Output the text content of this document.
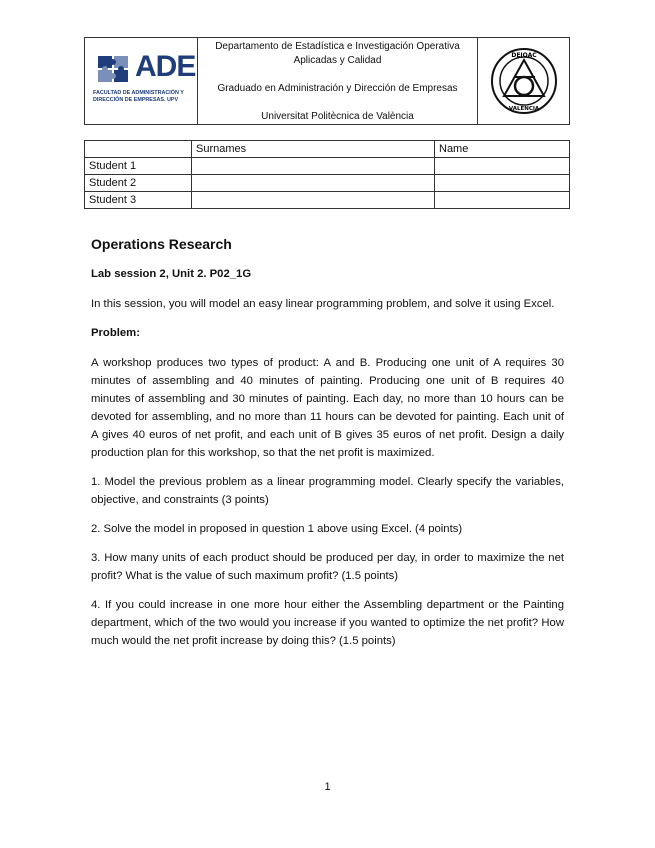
ADE
FACULTAD DE ADMINISTRACIÓN Y
DIRECCIÓN DE EMPRESAS. UPV
Departamento de Estadística e Investigación Operativa
Aplicadas y Calidad
Graduado en Administración y Dirección de Empresas
Universitat Politècnica de València
DEIOAC
VALENCIA
	Surnames	Name
Student 1		
Student 2		
Student 3		
Operations Research
Lab session 2, Unit 2. P02_1G

In this session, you will model an easy linear programming problem, and solve it using Excel.

Problem:

A workshop produces two types of product: A and B. Producing one unit of A requires 30 minutes of assembling and 40 minutes of painting. Producing one unit of B requires 40 minutes of assembling and 30 minutes of painting. Each day, no more than 10 hours can be devoted for assembling, and no more than 11 hours can be devoted for painting. Each unit of A gives 40 euros of net profit, and each unit of B gives 35 euros of net profit. Design a daily production plan for this workshop, so that the net profit is maximized.

1. Model the previous problem as a linear programming model. Clearly specify the variables, objective, and constraints (3 points)

2. Solve the model in proposed in question 1 above using Excel. (4 points)

3. How many units of each product should be produced per day, in order to maximize the net profit? What is the value of such maximum profit? (1.5 points)

4. If you could increase in one more hour either the Assembling department or the Painting department, which of the two would you increase if you wanted to optimize the net profit? How much would the net profit increase by doing this? (1.5 points)

1
